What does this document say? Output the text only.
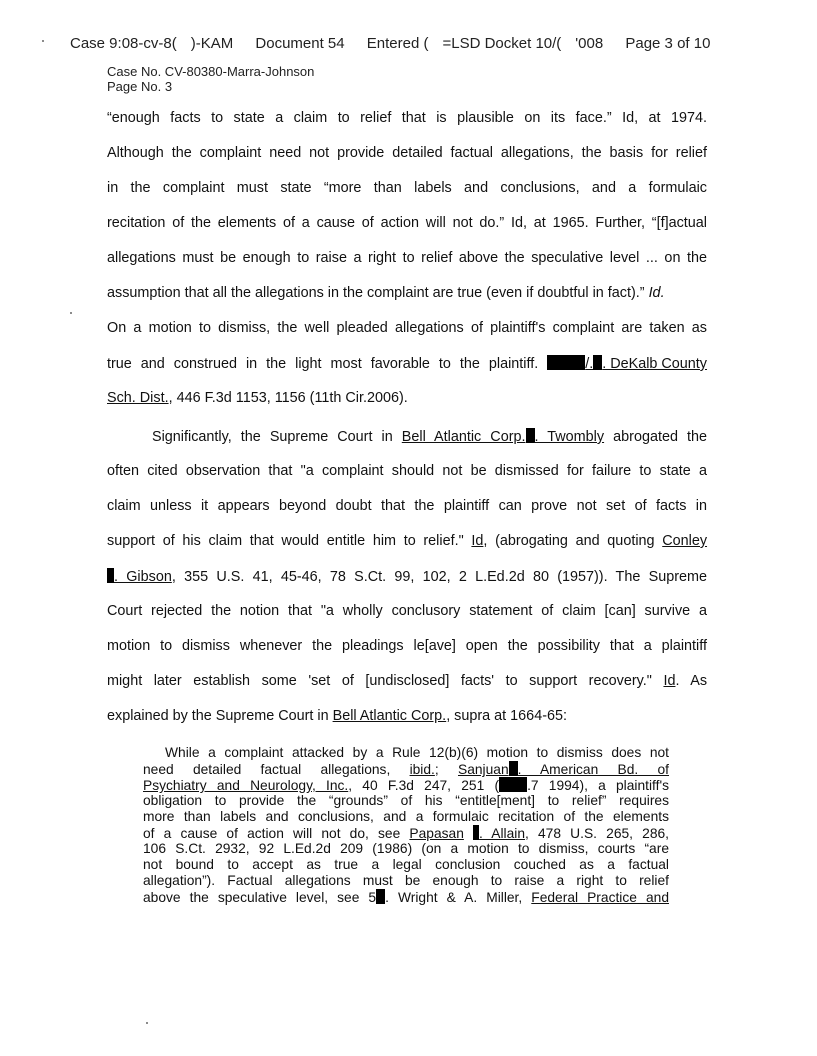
Case 9:08-cv-8( )-KAM Document 54 Entered ( =LSD Docket 10/( '008 Page 3 of 10
Case No. CV-80380-Marra-Johnson
Page No. 3
“enough facts to state a claim to relief that is plausible on its face.” Id, at 1974.
Although the complaint need not provide detailed factual allegations, the basis for relief
in the complaint must state “more than labels and conclusions, and a formulaic
recitation of the elements of a cause of action will not do.” Id, at 1965. Further, “[f]actual
allegations must be enough to raise a right to relief above the speculative level ... on the
assumption that all the allegations in the complaint are true (even if doubtful in fact).” Id.
On a motion to dismiss, the well pleaded allegations of plaintiff's complaint are taken as
true and construed in the light most favorable to the plaintiff.	/. . DeKalb County
Sch. Dist., 446 F.3d 1153, 1156 (11th Cir.2006).
Significantly, the Supreme Court in Bell Atlantic Corp. . Twombly abrogated the
often cited observation that "a complaint should not be dismissed for failure to state a
claim unless it appears beyond doubt that the plaintiff can prove not set of facts in
support of his claim that would entitle him to relief." Id, (abrogating and quoting Conley
. Gibson, 355 U.S. 41, 45-46, 78 S.Ct. 99, 102, 2 L.Ed.2d 80 (1957)). The Supreme
Court rejected the notion that "a wholly conclusory statement of claim [can] survive a
motion to dismiss whenever the pleadings le[ave] open the possibility that a plaintiff
might later establish some 'set of [undisclosed] facts' to support recovery." Id. As
explained by the Supreme Court in Bell Atlantic Corp., supra at 1664-65:
While a complaint attacked by a Rule 12(b)(6) motion to dismiss does not
need detailed factual allegations, ibid.; Sanjuan . American Bd. of
Psychiatry and Neurology, Inc., 40 F.3d 247, 251 ( .7 1994), a plaintiff's
obligation to provide the “grounds” of his “entitle[ment] to relief” requires
more than labels and conclusions, and a formulaic recitation of the elements
of a cause of action will not do, see Papasan . Allain, 478 U.S. 265, 286,
106 S.Ct. 2932, 92 L.Ed.2d 209 (1986) (on a motion to dismiss, courts “are
not bound to accept as true a legal conclusion couched as a factual
allegation”). Factual allegations must be enough to raise a right to relief
above the speculative level, see 5 . Wright & A. Miller, Federal Practice and
